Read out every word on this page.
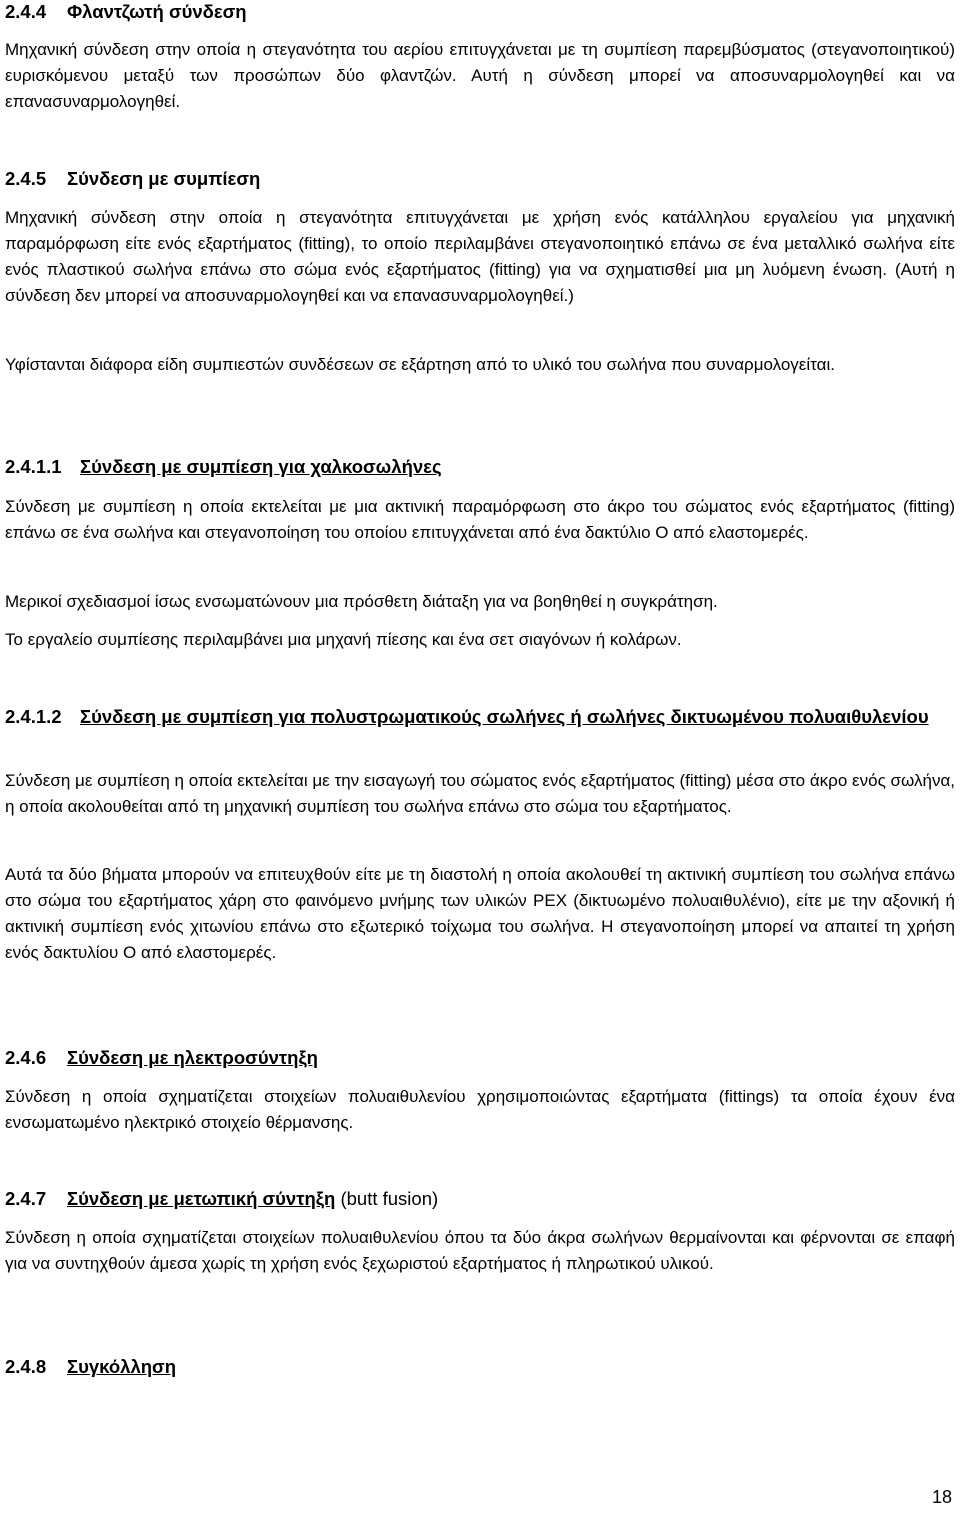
2.4.4 Φλαντζωτή σύνδεση
Μηχανική σύνδεση στην οποία η στεγανότητα του αερίου επιτυγχάνεται με τη συμπίεση παρεμβύσματος (στεγανοποιητικού) ευρισκόμενου μεταξύ των προσώπων δύο φλαντζών. Αυτή η σύνδεση μπορεί να αποσυναρμολογηθεί και να επανασυναρμολογηθεί.
2.4.5 Σύνδεση με συμπίεση
Μηχανική σύνδεση στην οποία η στεγανότητα επιτυγχάνεται με χρήση ενός κατάλληλου εργαλείου για μηχανική παραμόρφωση είτε ενός εξαρτήματος (fitting), το οποίο περιλαμβάνει στεγανοποιητικό επάνω σε ένα μεταλλικό σωλήνα είτε ενός πλαστικού σωλήνα επάνω στο σώμα ενός εξαρτήματος (fitting) για να σχηματισθεί μια μη λυόμενη ένωση. (Αυτή η σύνδεση δεν μπορεί να αποσυναρμολογηθεί και να επανασυναρμολογηθεί.)
Υφίστανται διάφορα είδη συμπιεστών συνδέσεων σε εξάρτηση από το υλικό του σωλήνα που συναρμολογείται.
2.4.1.1 Σύνδεση με συμπίεση για χαλκοσωλήνες
Σύνδεση με συμπίεση η οποία εκτελείται με μια ακτινική παραμόρφωση στο άκρο του σώματος ενός εξαρτήματος (fitting) επάνω σε ένα σωλήνα και στεγανοποίηση του οποίου επιτυγχάνεται από ένα δακτύλιο Ο από ελαστομερές.
Μερικοί σχεδιασμοί ίσως ενσωματώνουν μια πρόσθετη διάταξη για να βοηθηθεί η συγκράτηση.
Το εργαλείο συμπίεσης περιλαμβάνει μια μηχανή πίεσης και ένα σετ σιαγόνων ή κολάρων.
2.4.1.2 Σύνδεση με συμπίεση για πολυστρωματικούς σωλήνες ή σωλήνες δικτυωμένου πολυαιθυλενίου
Σύνδεση με συμπίεση η οποία εκτελείται με την εισαγωγή του σώματος ενός εξαρτήματος (fitting) μέσα στο άκρο ενός σωλήνα, η οποία ακολουθείται από τη μηχανική συμπίεση του σωλήνα επάνω στο σώμα του εξαρτήματος.
Αυτά τα δύο βήματα μπορούν να επιτευχθούν είτε με τη διαστολή η οποία ακολουθεί τη ακτινική συμπίεση του σωλήνα επάνω στο σώμα του εξαρτήματος χάρη στο φαινόμενο μνήμης των υλικών PEX (δικτυωμένο πολυαιθυλένιο), είτε με την αξονική ή ακτινική συμπίεση ενός χιτωνίου επάνω στο εξωτερικό τοίχωμα του σωλήνα. Η στεγανοποίηση μπορεί να απαιτεί τη χρήση ενός δακτυλίου Ο από ελαστομερές.
2.4.6 Σύνδεση με ηλεκτροσύντηξη
Σύνδεση η οποία σχηματίζεται στοιχείων πολυαιθυλενίου χρησιμοποιώντας εξαρτήματα (fittings) τα οποία έχουν ένα ενσωματωμένο ηλεκτρικό στοιχείο θέρμανσης.
2.4.7 Σύνδεση με μετωπική σύντηξη (butt fusion)
Σύνδεση η οποία σχηματίζεται στοιχείων πολυαιθυλενίου όπου τα δύο άκρα σωλήνων θερμαίνονται και φέρνονται σε επαφή για να συντηχθούν άμεσα χωρίς τη χρήση ενός ξεχωριστού εξαρτήματος ή πληρωτικού υλικού.
2.4.8 Συγκόλληση
18
